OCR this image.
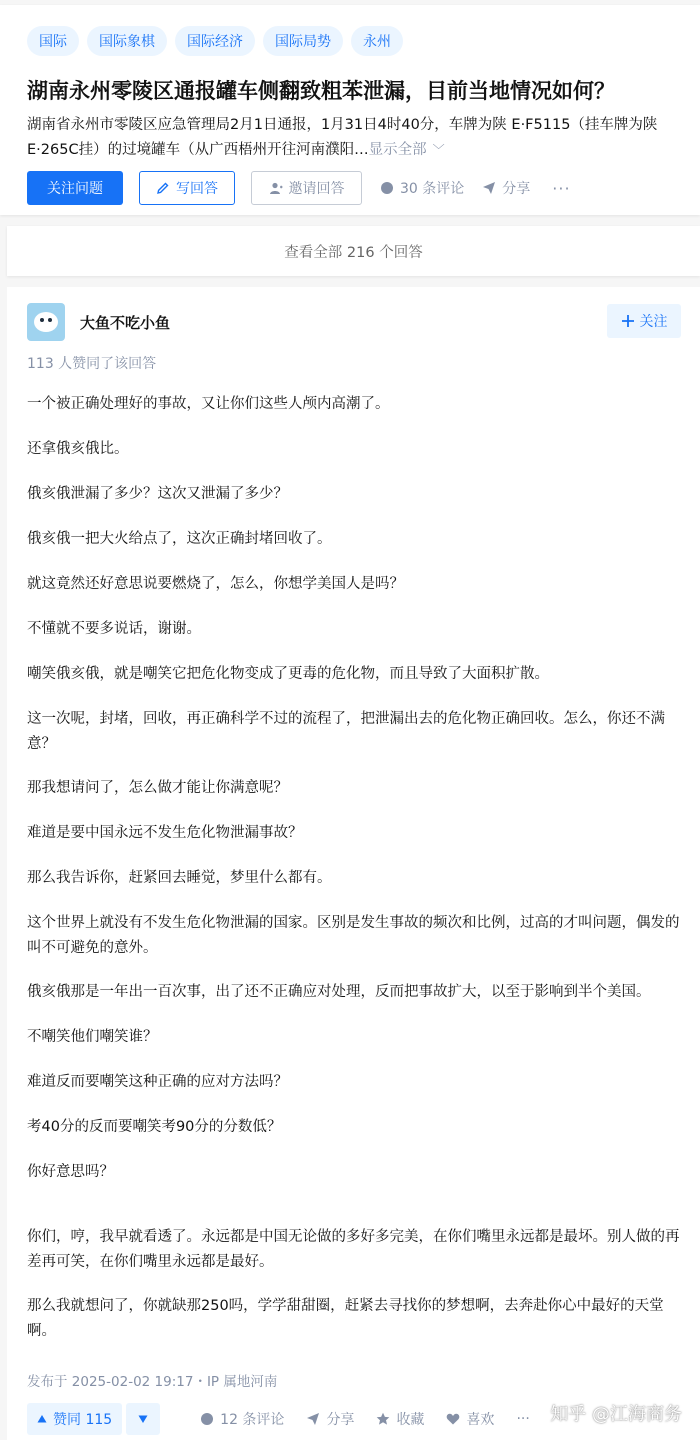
国际	国际象棋	国际经济	国际局势	永州
湖南永州零陵区通报罐车侧翻致粗苯泄漏，目前当地情况如何？
湖南省永州市零陵区应急管理局2月1日通报，1月31日4时40分，车牌为陕 E·F5115（挂车牌为陕
E·265C挂）的过境罐车（从广西梧州开往河南濮阳…显示全部 ﹀
关注问题	写回答	邀请回答	30 条评论	分享 ···
查看全部 216 个回答
大鱼不吃小鱼	关注
113 人赞同了该回答

一个被正确处理好的事故，又让你们这些人颅内高潮了。

还拿俄亥俄比。

俄亥俄泄漏了多少？这次又泄漏了多少？

俄亥俄一把大火给点了，这次正确封堵回收了。

就这竟然还好意思说要燃烧了，怎么，你想学美国人是吗？

不懂就不要多说话，谢谢。

嘲笑俄亥俄，就是嘲笑它把危化物变成了更毒的危化物，而且导致了大面积扩散。

这一次呢，封堵，回收，再正确科学不过的流程了，把泄漏出去的危化物正确回收。怎么，你还不满意？

那我想请问了，怎么做才能让你满意呢？

难道是要中国永远不发生危化物泄漏事故？

那么我告诉你，赶紧回去睡觉，梦里什么都有。

这个世界上就没有不发生危化物泄漏的国家。区别是发生事故的频次和比例，过高的才叫问题，偶发的叫不可避免的意外。

俄亥俄那是一年出一百次事，出了还不正确应对处理，反而把事故扩大，以至于影响到半个美国。

不嘲笑他们嘲笑谁？

难道反而要嘲笑这种正确的应对方法吗？

考40分的反而要嘲笑考90分的分数低？

你好意思吗？

你们，哼，我早就看透了。永远都是中国无论做的多好多完美，在你们嘴里永远都是最坏。别人做的再差再可笑，在你们嘴里永远都是最好。

那么我就想问了，你就缺那250吗，学学甜甜圈，赶紧去寻找你的梦想啊，去奔赴你心中最好的天堂啊。

发布于 2025-02-02 19:17・IP 属地河南
赞同 115	12 条评论	分享	收藏	喜欢 ··· 知乎 @江海商务
